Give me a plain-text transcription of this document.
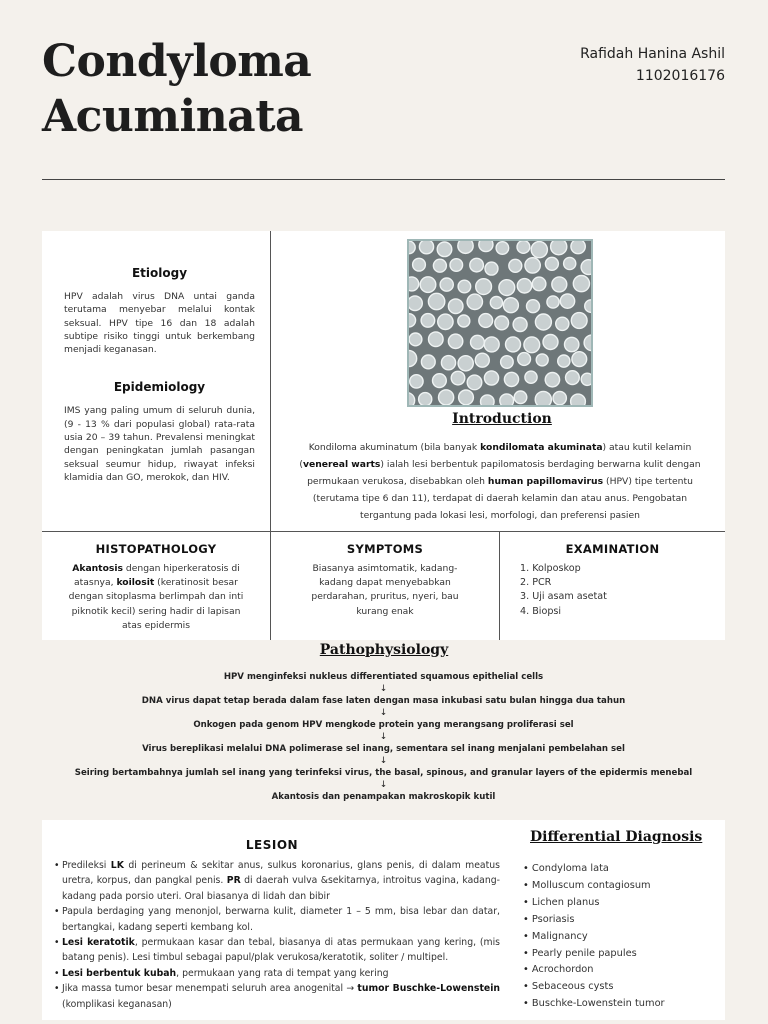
Condyloma
Acuminata
Rafidah Hanina Ashil
1102016176
Etiology

HPV adalah virus DNA untai ganda terutama menyebar melalui kontak seksual. HPV tipe 16 dan 18 adalah subtipe risiko tinggi untuk berkembang menjadi keganasan.

Epidemiology

IMS yang paling umum di seluruh dunia, (9 - 13 % dari populasi global) rata-rata usia 20 – 39 tahun. Prevalensi meningkat dengan peningkatan jumlah pasangan seksual seumur hidup, riwayat infeksi klamidia dan GO, merokok, dan HIV.

Introduction

Kondiloma akuminatum (bila banyak kondilomata akuminata) atau kutil kelamin (venereal warts) ialah lesi berbentuk papilomatosis berdaging berwarna kulit dengan permukaan verukosa, disebabkan oleh human papillomavirus (HPV) tipe tertentu (terutama tipe 6 dan 11), terdapat di daerah kelamin dan atau anus. Pengobatan tergantung pada lokasi lesi, morfologi, dan preferensi pasien

HISTOPATHOLOGY

Akantosis dengan hiperkeratosis di atasnya, koilosit (keratinosit besar dengan sitoplasma berlimpah dan inti piknotik kecil) sering hadir di lapisan atas epidermis

SYMPTOMS

Biasanya asimtomatik, kadang-kadang dapat menyebabkan perdarahan, pruritus, nyeri, bau kurang enak

EXAMINATION
1. Kolposkop
2. PCR
3. Uji asam asetat
4. Biopsi
Pathophysiology
HPV menginfeksi nukleus differentiated squamous epithelial cells
↓
DNA virus dapat tetap berada dalam fase laten dengan masa inkubasi satu bulan hingga dua tahun
↓
Onkogen pada genom HPV mengkode protein yang merangsang proliferasi sel
↓
Virus bereplikasi melalui DNA polimerase sel inang, sementara sel inang menjalani pembelahan sel
↓
Seiring bertambahnya jumlah sel inang yang terinfeksi virus, the basal, spinous, and granular layers of the epidermis menebal
↓
Akantosis dan penampakan makroskopik kutil
LESION
• Predileksi LK di perineum & sekitar anus, sulkus koronarius, glans penis, di dalam meatus uretra, korpus, dan pangkal penis. PR di daerah vulva &sekitarnya, introitus vagina, kadang-kadang pada porsio uteri. Oral biasanya di lidah dan bibir
• Papula berdaging yang menonjol, berwarna kulit, diameter 1 – 5 mm, bisa lebar dan datar, bertangkai, kadang seperti kembang kol.
• Lesi keratotik, permukaan kasar dan tebal, biasanya di atas permukaan yang kering, (mis batang penis). Lesi timbul sebagai papul/plak verukosa/keratotik, soliter / multipel.
• Lesi berbentuk kubah, permukaan yang rata di tempat yang kering
• Jika massa tumor besar menempati seluruh area anogenital → tumor Buschke-Lowenstein (komplikasi keganasan)
Differential Diagnosis
• Condyloma lata
• Molluscum contagiosum
• Lichen planus
• Psoriasis
• Malignancy
• Pearly penile papules
• Acrochordon
• Sebaceous cysts
• Buschke-Lowenstein tumor
